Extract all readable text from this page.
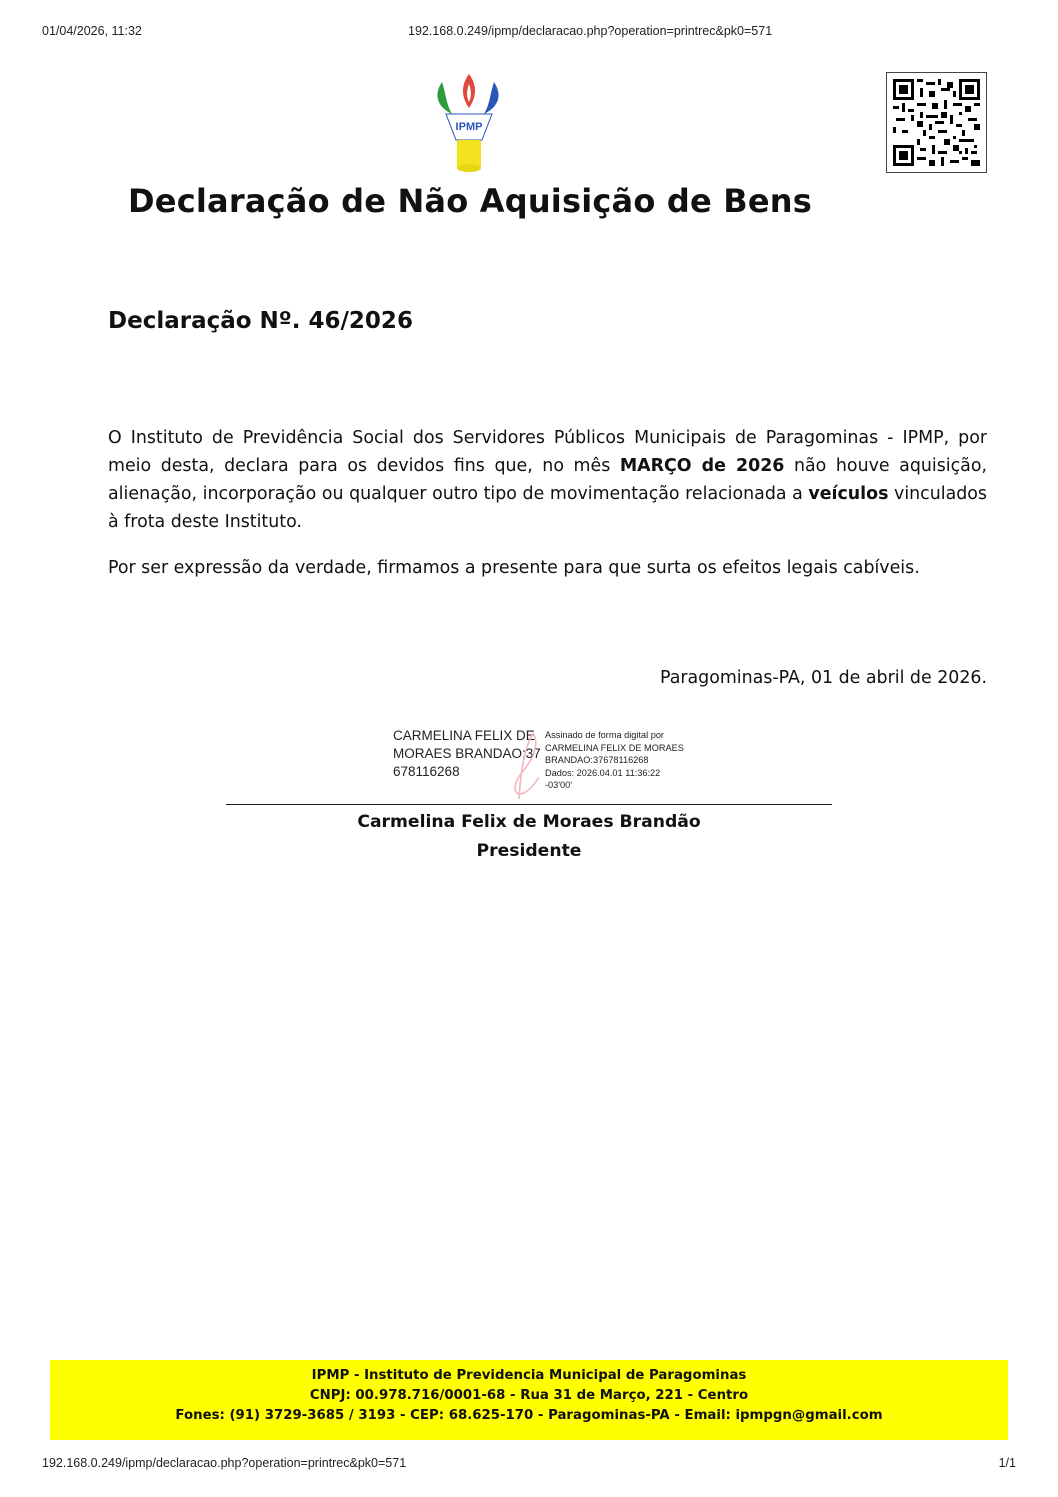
01/04/2026, 11:32	192.168.0.249/ipmp/declaracao.php?operation=printrec&pk0=571
IPMP
Declaração de Não Aquisição de Bens
Declaração Nº. 46/2026
O Instituto de Previdência Social dos Servidores Públicos Municipais de Paragominas - IPMP, por meio desta, declara para os devidos fins que, no mês MARÇO de 2026 não houve aquisição, alienação, incorporação ou qualquer outro tipo de movimentação relacionada a veículos vinculados à frota deste Instituto.
Por ser expressão da verdade, firmamos a presente para que surta os efeitos legais cabíveis.
Paragominas-PA, 01 de abril de 2026.
CARMELINA FELIX DE MORAES BRANDAO:37678116268
Assinado de forma digital por
CARMELINA FELIX DE MORAES
BRANDAO:37678116268
Dados: 2026.04.01 11:36:22
-03'00'
Carmelina Felix de Moraes Brandão
Presidente
IPMP - Instituto de Previdencia Municipal de Paragominas
CNPJ: 00.978.716/0001-68 - Rua 31 de Março, 221 - Centro
Fones: (91) 3729-3685 / 3193 - CEP: 68.625-170 - Paragominas-PA - Email: ipmpgn@gmail.com
192.168.0.249/ipmp/declaracao.php?operation=printrec&pk0=571	1/1
